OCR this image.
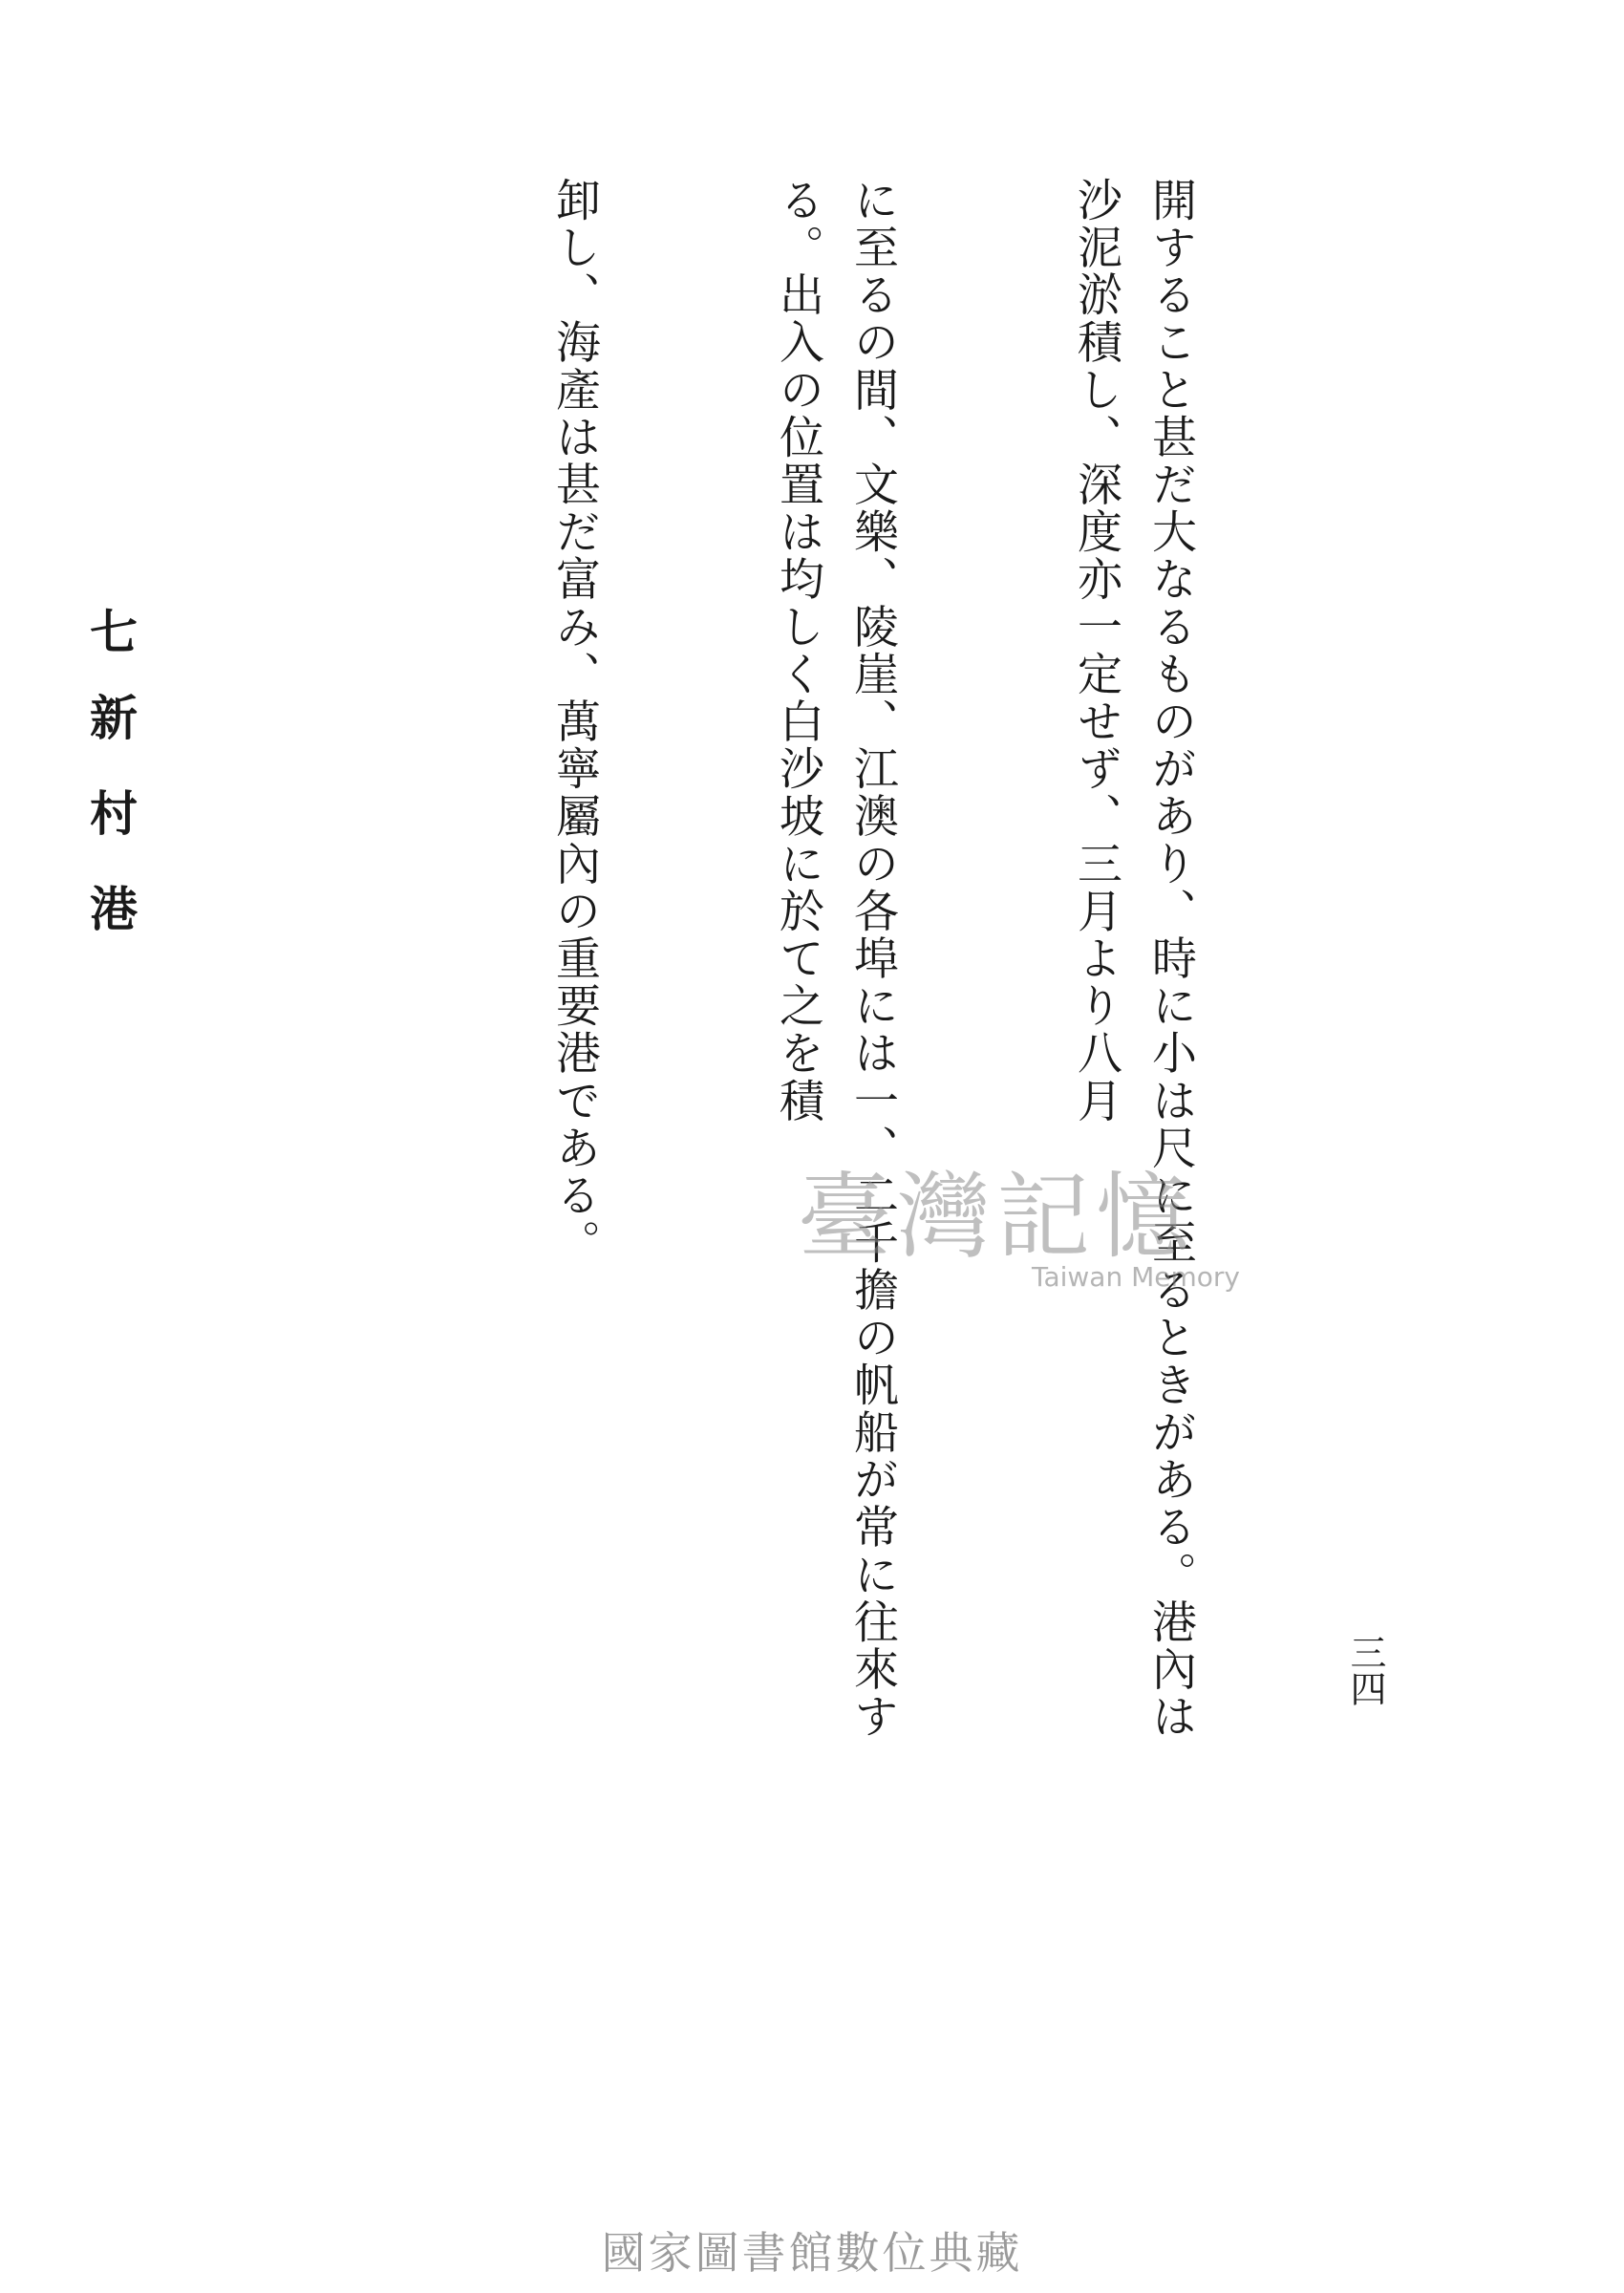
三四

開すること甚だ大なるものがあり、時に小は尺に至るときがある。港內は沙泥淤積し、深度亦一定せず、三月より八月

に至るの間、文樂、陵崖、江澳の各埠には一、二千擔の帆船が常に往來する。出入の位置は均しく白沙坡に於て之を積

卸し、海產は甚だ富み、萬寧屬內の重要港である。

七新村港

臺灣記憶
Taiwan Memory
國家圖書館數位典藏
